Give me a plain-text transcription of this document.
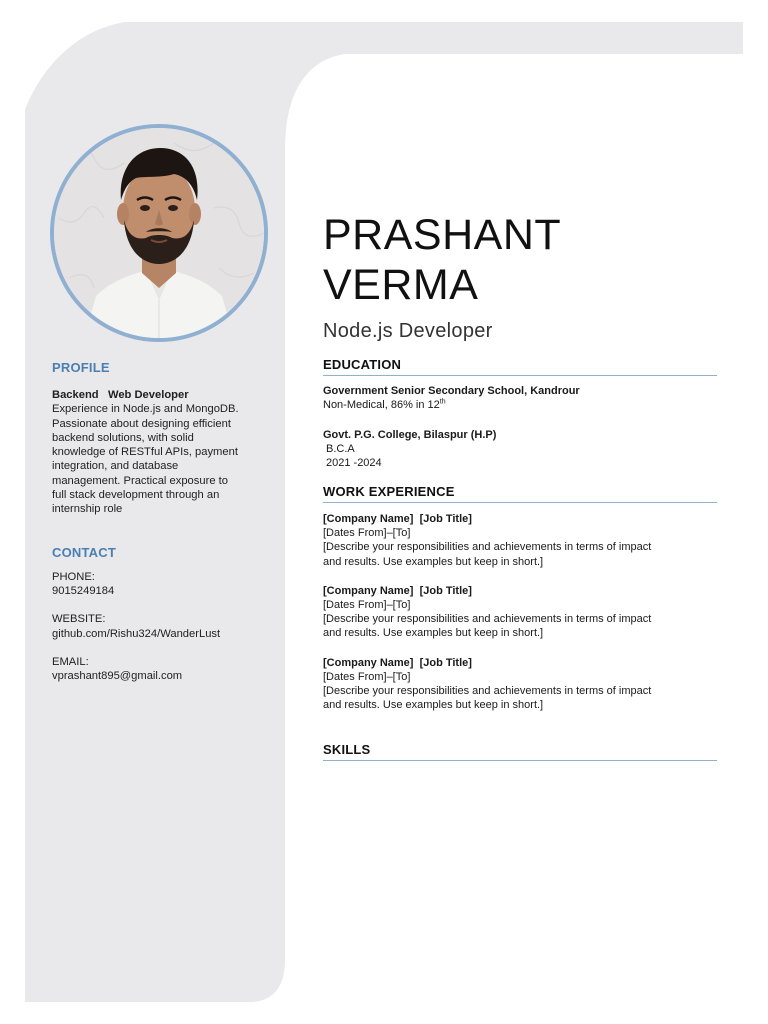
PROFILE
Backend   Web Developer
Experience in Node.js and MongoDB.
Passionate about designing efficient
backend solutions, with solid
knowledge of RESTful APIs, payment
integration, and database
management. Practical exposure to
full stack development through an
internship role
CONTACT
PHONE:
9015249184
WEBSITE:
github.com/Rishu324/WanderLust
EMAIL:
vprashant895@gmail.com
PRASHANT
VERMA
Node.js Developer
EDUCATION
Government Senior Secondary School, Kandrour
Non-Medical, 86% in 12th
Govt. P.G. College, Bilaspur (H.P)
B.C.A
2021 -2024
WORK EXPERIENCE
[Company Name]  [Job Title]
[Dates From]–[To]
[Describe your responsibilities and achievements in terms of impact
and results. Use examples but keep in short.]
[Company Name]  [Job Title]
[Dates From]–[To]
[Describe your responsibilities and achievements in terms of impact
and results. Use examples but keep in short.]
[Company Name]  [Job Title]
[Dates From]–[To]
[Describe your responsibilities and achievements in terms of impact
and results. Use examples but keep in short.]
SKILLS
